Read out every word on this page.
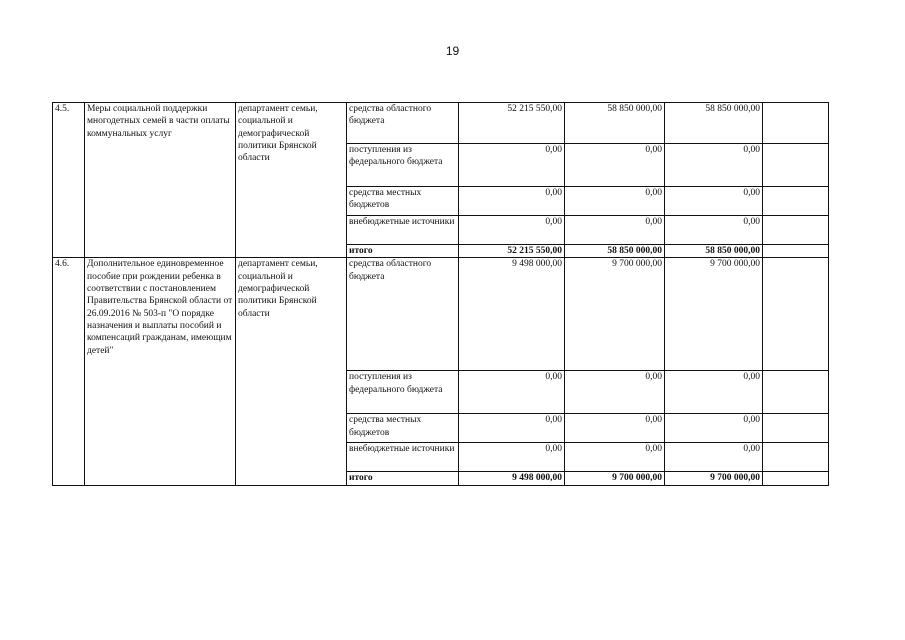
19
4.5.	Меры социальной поддержки многодетных семей в части оплаты коммунальных услуг	департамент семьи, социальной и демографической политики Брянской области	средства областного бюджета	52 215 550,00	58 850 000,00	58 850 000,00	
			поступления из федерального бюджета	0,00	0,00	0,00	
			средства местных бюджетов	0,00	0,00	0,00	
			внебюджетные источники	0,00	0,00	0,00	
			итого	52 215 550,00	58 850 000,00	58 850 000,00	
4.6.	Дополнительное единовременное пособие при рождении ребенка в соответствии с постановлением Правительства Брянской области от 26.09.2016 № 503-п "О порядке назначения и выплаты пособий и компенсаций гражданам, имеющим детей"	департамент семьи, социальной и демографической политики Брянской области	средства областного бюджета	9 498 000,00	9 700 000,00	9 700 000,00	
			поступления из федерального бюджета	0,00	0,00	0,00	
			средства местных бюджетов	0,00	0,00	0,00	
			внебюджетные источники	0,00	0,00	0,00	
			итого	9 498 000,00	9 700 000,00	9 700 000,00	
